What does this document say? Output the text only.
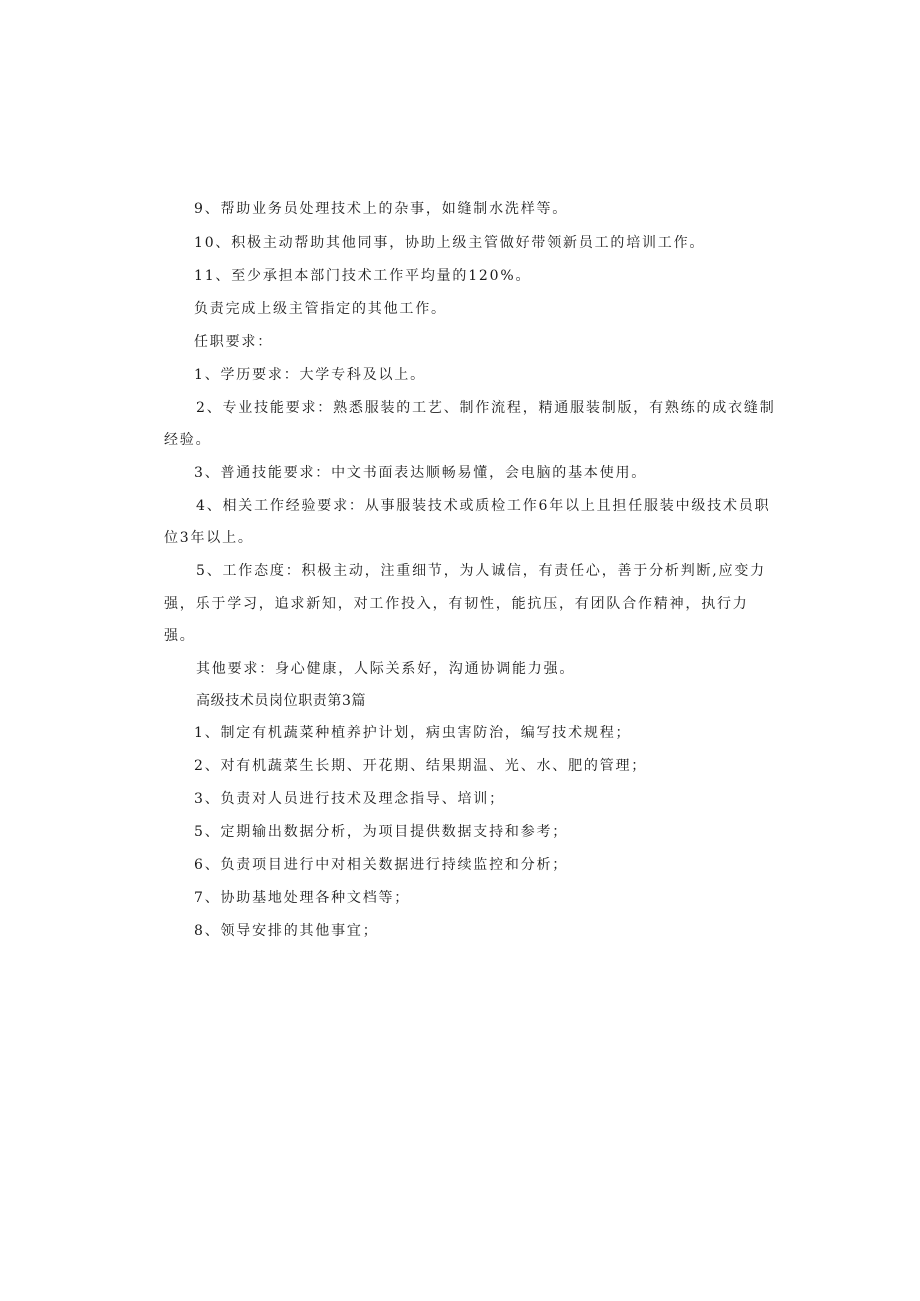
9、帮助业务员处理技术上的杂事，如缝制水洗样等。
10、积极主动帮助其他同事，协助上级主管做好带领新员工的培训工作。
11、至少承担本部门技术工作平均量的120%。
负责完成上级主管指定的其他工作。
任职要求：
1、学历要求：大学专科及以上。
2、专业技能要求：熟悉服装的工艺、制作流程，精通服装制版，有熟练的成衣缝制
经验。
3、普通技能要求：中文书面表达顺畅易懂，会电脑的基本使用。
4、相关工作经验要求：从事服装技术或质检工作6年以上且担任服装中级技术员职
位3年以上。
5、工作态度：积极主动，注重细节，为人诚信，有责任心，善于分析判断,应变力
强，乐于学习，追求新知，对工作投入，有韧性，能抗压，有团队合作精神，执行力
强。
其他要求：身心健康，人际关系好，沟通协调能力强。
高级技术员岗位职责第3篇
1、制定有机蔬菜种植养护计划，病虫害防治，编写技术规程；
2、对有机蔬菜生长期、开花期、结果期温、光、水、肥的管理；
3、负责对人员进行技术及理念指导、培训；
5、定期输出数据分析，为项目提供数据支持和参考；
6、负责项目进行中对相关数据进行持续监控和分析；
7、协助基地处理各种文档等；
8、领导安排的其他事宜；
